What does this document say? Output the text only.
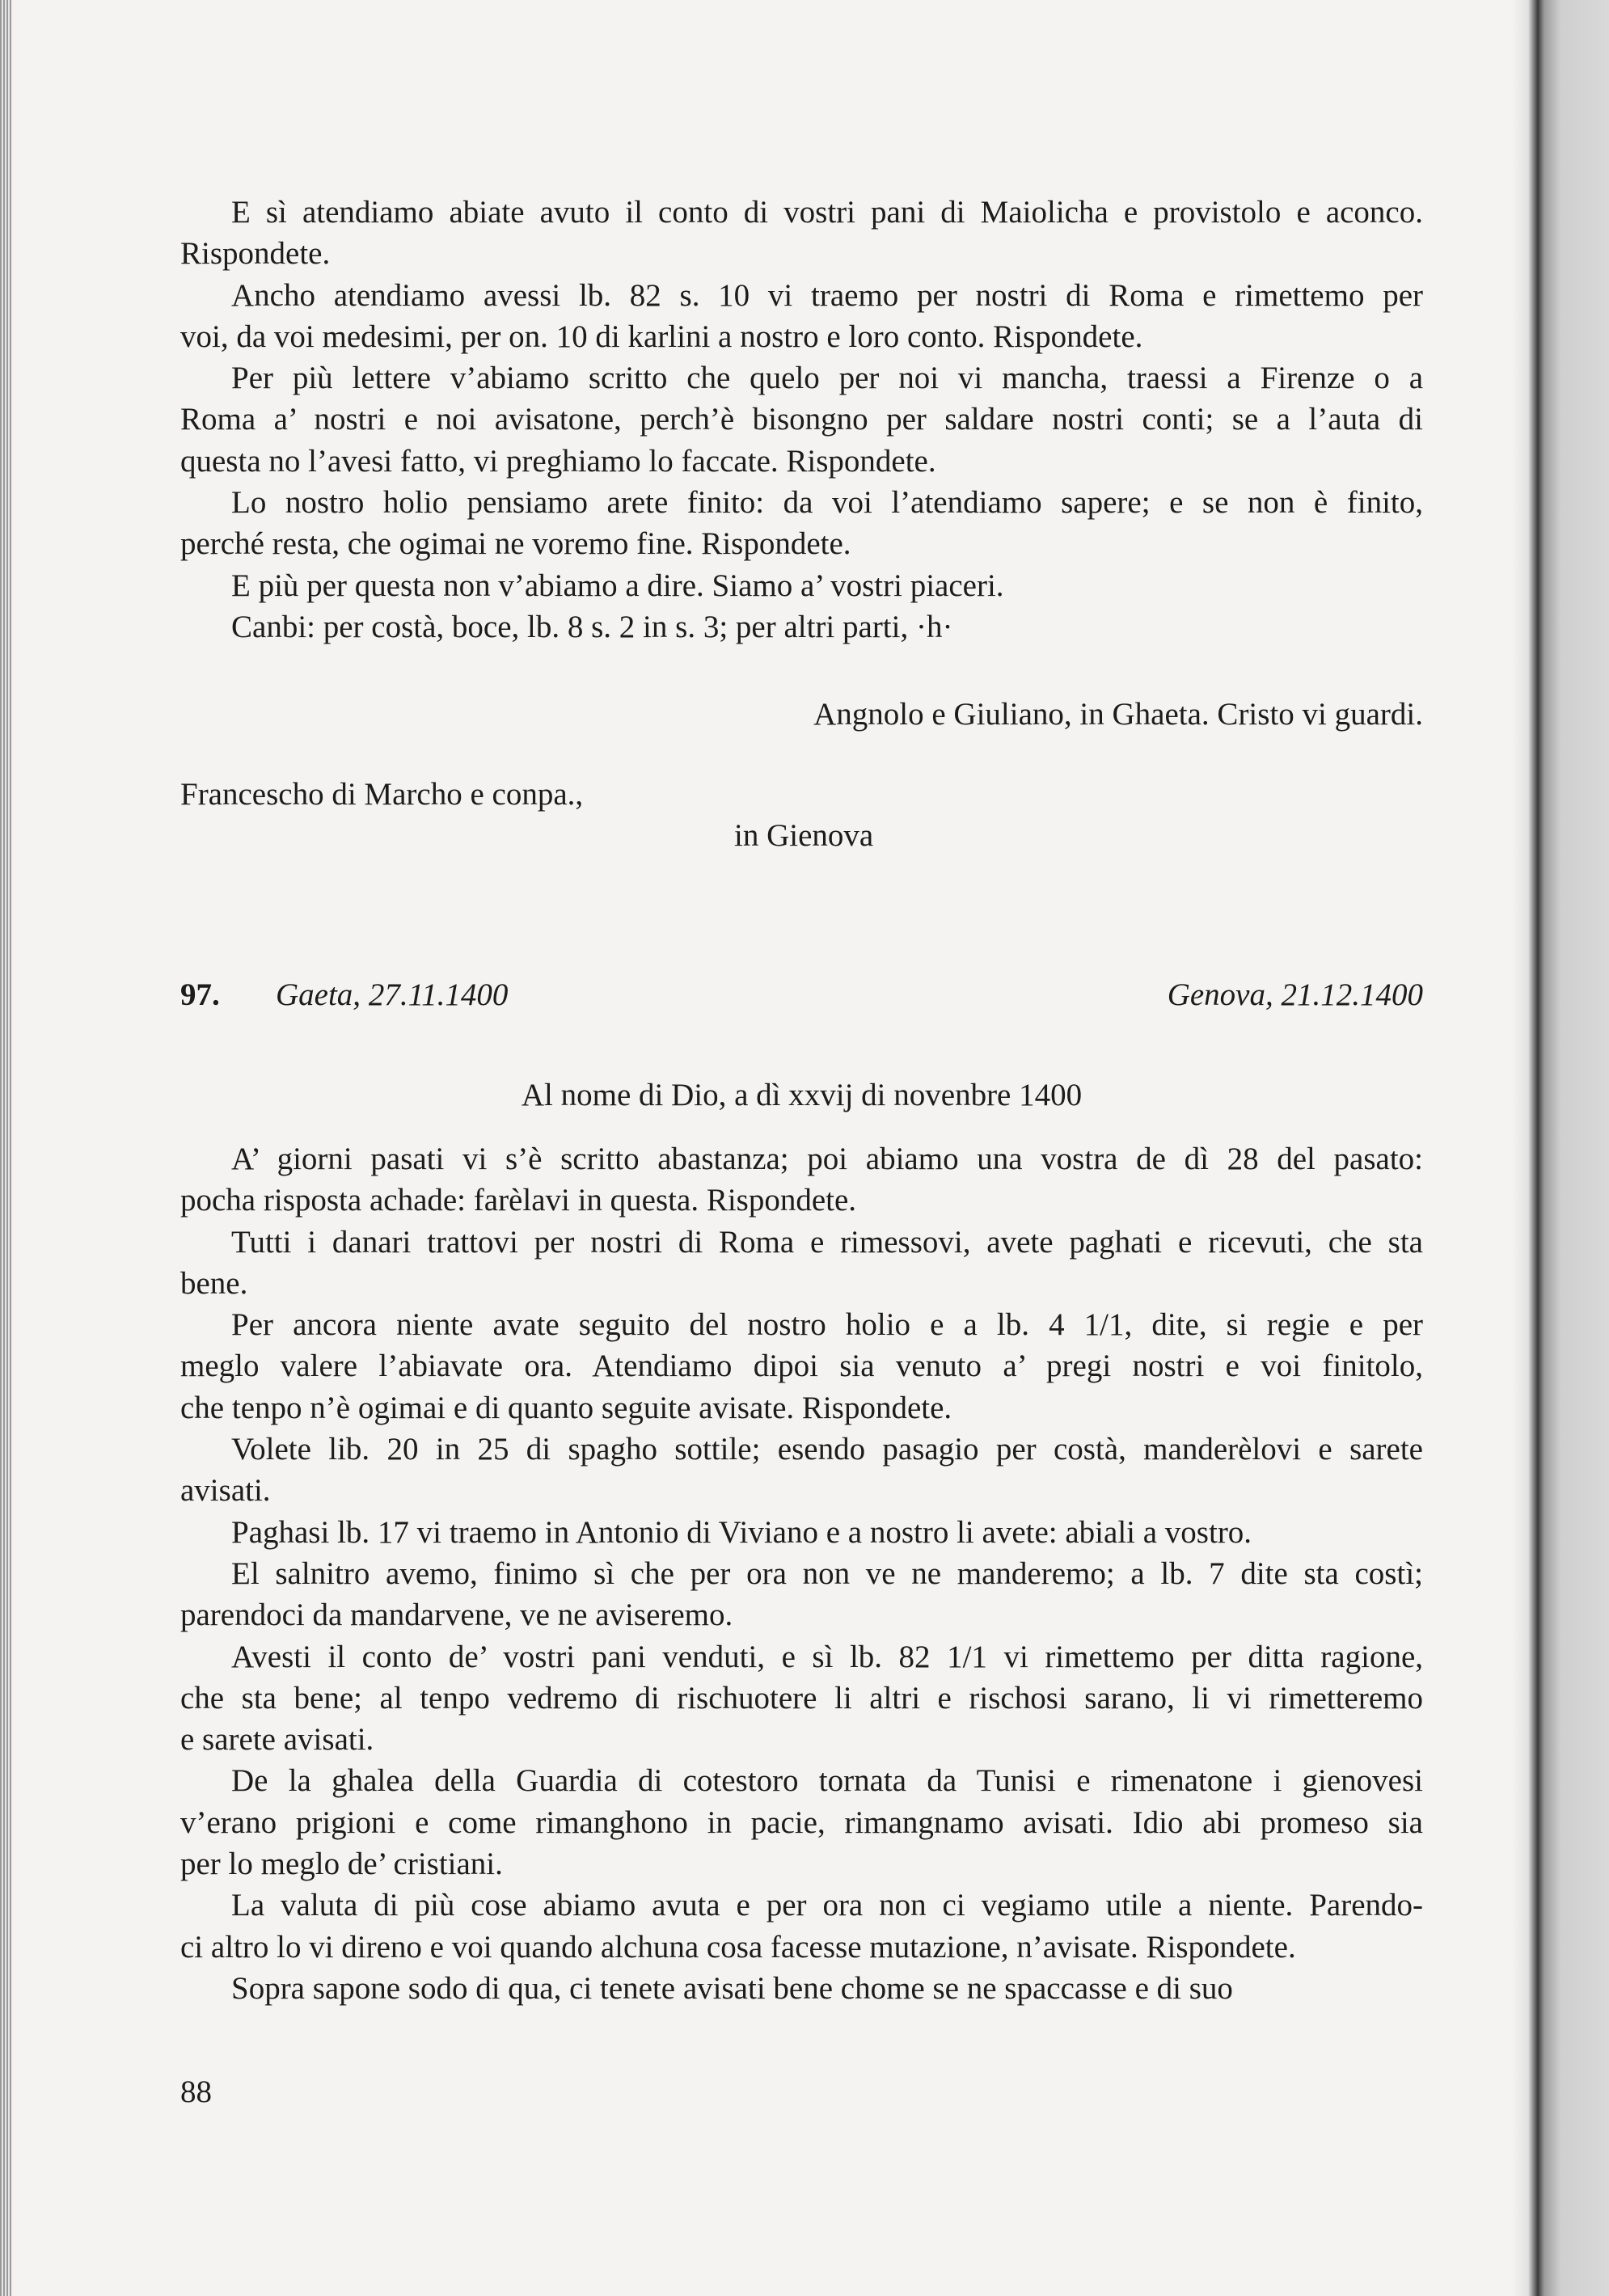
E sì atendiamo abiate avuto il conto di vostri pani di Maiolicha e provistolo e aconco.
Rispondete.
Ancho atendiamo avessi lb. 82 s. 10 vi traemo per nostri di Roma e rimettemo per
voi, da voi medesimi, per on. 10 di karlini a nostro e loro conto. Rispondete.
Per più lettere v’abiamo scritto che quelo per noi vi mancha, traessi a Firenze o a
Roma a’ nostri e noi avisatone, perch’è bisongno per saldare nostri conti; se a l’auta di
questa no l’avesi fatto, vi preghiamo lo faccate. Rispondete.
Lo nostro holio pensiamo arete finito: da voi l’atendiamo sapere; e se non è finito,
perché resta, che ogimai ne voremo fine. Rispondete.
E più per questa non v’abiamo a dire. Siamo a’ vostri piaceri.
Canbi: per costà, boce, lb. 8 s. 2 in s. 3; per altri parti, ·h·
Angnolo e Giuliano, in Ghaeta. Cristo vi guardi.
Francescho di Marcho e conpa.,
in Gienova
97.	Gaeta, 27.11.1400	Genova, 21.12.1400
Al nome di Dio, a dì xxvij di novenbre 1400
A’ giorni pasati vi s’è scritto abastanza; poi abiamo una vostra de dì 28 del pasato:
pocha risposta achade: farèlavi in questa. Rispondete.
Tutti i danari trattovi per nostri di Roma e rimessovi, avete paghati e ricevuti, che sta
bene.
Per ancora niente avate seguito del nostro holio e a lb. 4 1/1, dite, si regie e per
meglo valere l’abiavate ora. Atendiamo dipoi sia venuto a’ pregi nostri e voi finitolo,
che tenpo n’è ogimai e di quanto seguite avisate. Rispondete.
Volete lib. 20 in 25 di spagho sottile; esendo pasagio per costà, manderèlovi e sarete
avisati.
Paghasi lb. 17 vi traemo in Antonio di Viviano e a nostro li avete: abiali a vostro.
El salnitro avemo, finimo sì che per ora non ve ne manderemo; a lb. 7 dite sta costì;
parendoci da mandarvene, ve ne aviseremo.
Avesti il conto de’ vostri pani venduti, e sì lb. 82 1/1 vi rimettemo per ditta ragione,
che sta bene; al tenpo vedremo di rischuotere li altri e rischosi sarano, li vi rimetteremo
e sarete avisati.
De la ghalea della Guardia di cotestoro tornata da Tunisi e rimenatone i gienovesi
v’erano prigioni e come rimanghono in pacie, rimangnamo avisati. Idio abi promeso sia
per lo meglo de’ cristiani.
La valuta di più cose abiamo avuta e per ora non ci vegiamo utile a niente. Parendo-
ci altro lo vi direno e voi quando alchuna cosa facesse mutazione, n’avisate. Rispondete.
Sopra sapone sodo di qua, ci tenete avisati bene chome se ne spaccasse e di suo
88
